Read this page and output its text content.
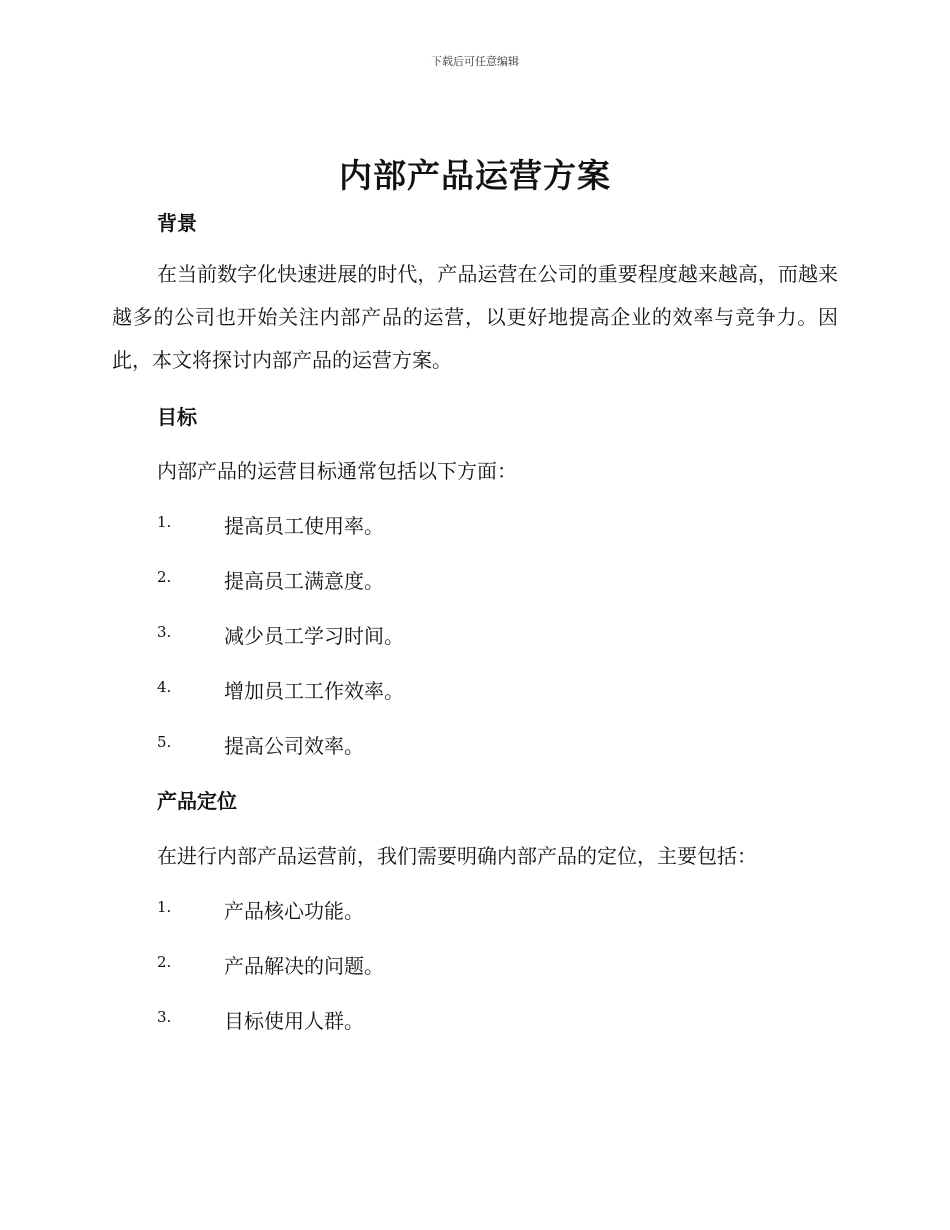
下载后可任意编辑
内部产品运营方案
背景

在当前数字化快速进展的时代，产品运营在公司的重要程度越来越高，而越来越多的公司也开始关注内部产品的运营，以更好地提高企业的效率与竞争力。因此，本文将探讨内部产品的运营方案。

目标

内部产品的运营目标通常包括以下方面：

1.	提高员工使用率。
2.	提高员工满意度。
3.	减少员工学习时间。
4.	增加员工工作效率。
5.	提高公司效率。
产品定位

在进行内部产品运营前，我们需要明确内部产品的定位，主要包括：

1.	产品核心功能。
2.	产品解决的问题。
3.	目标使用人群。
